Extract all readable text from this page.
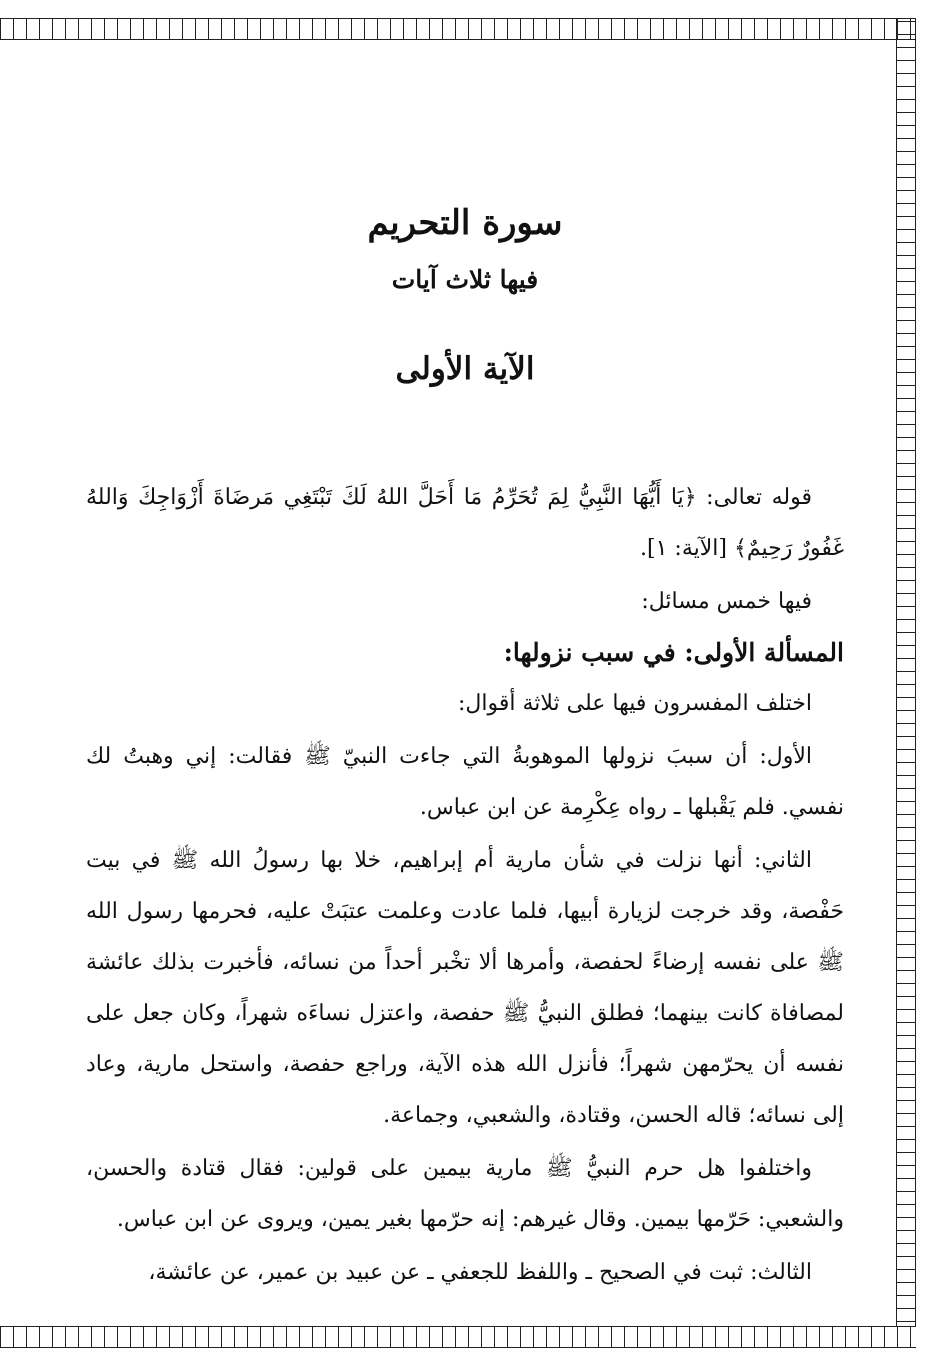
سورة التحريم
فيها ثلاث آيات
الآية الأولى

قوله تعالى: ﴿يَا أَيُّهَا النَّبِيُّ لِمَ تُحَرِّمُ مَا أَحَلَّ اللهُ لَكَ تَبْتَغِي مَرضَاةَ أَزْوَاجِكَ وَاللهُ غَفُورٌ رَحِيمٌ﴾ [الآية: ١].

فيها خمس مسائل:

المسألة الأولى: في سبب نزولها:

اختلف المفسرون فيها على ثلاثة أقوال:

الأول: أن سببَ نزولها الموهوبةُ التي جاءت النبيّ ﷺ فقالت: إني وهبتُ لك نفسي. فلم يَقْبلها ـ رواه عِكْرِمة عن ابن عباس.

الثاني: أنها نزلت في شأن مارية أم إبراهيم، خلا بها رسولُ الله ﷺ في بيت حَفْصة، وقد خرجت لزيارة أبيها، فلما عادت وعلمت عتبَتْ عليه، فحرمها رسول الله ﷺ على نفسه إرضاءً لحفصة، وأمرها ألا تخْبر أحداً من نسائه، فأخبرت بذلك عائشة لمصافاة كانت بينهما؛ فطلق النبيُّ ﷺ حفصة، واعتزل نساءَه شهراً، وكان جعل على نفسه أن يحرّمهن شهراً؛ فأنزل الله هذه الآية، وراجع حفصة، واستحل مارية، وعاد إلى نسائه؛ قاله الحسن، وقتادة، والشعبي، وجماعة.

واختلفوا هل حرم النبيُّ ﷺ مارية بيمين على قولين: فقال قتادة والحسن، والشعبي: حَرّمها بيمين. وقال غيرهم: إنه حرّمها بغير يمين، ويروى عن ابن عباس.

الثالث: ثبت في الصحيح ـ واللفظ للجعفي ـ عن عبيد بن عمير، عن عائشة،
